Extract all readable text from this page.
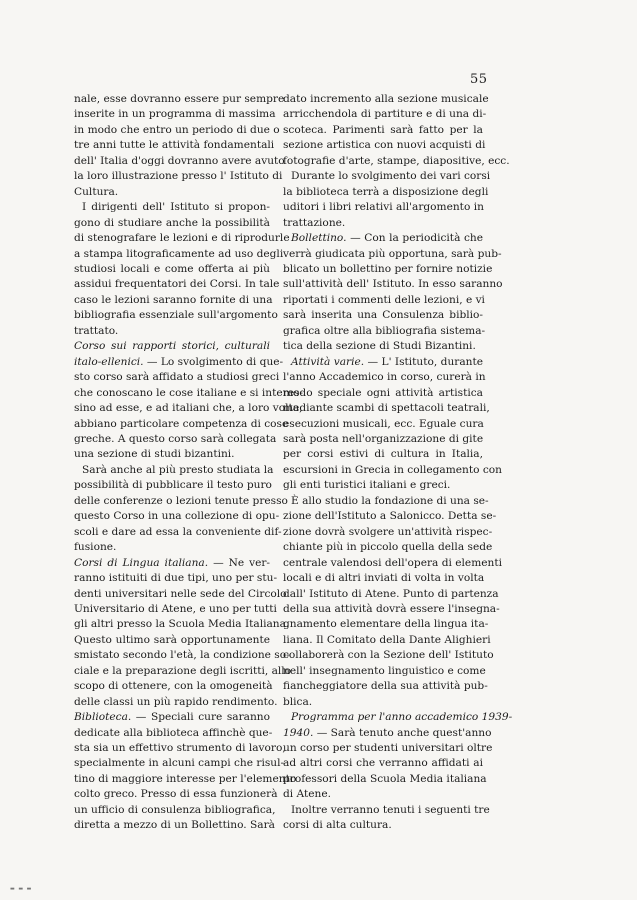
55
nale, esse dovranno essere pur sempre
inserite in un programma di massima
in modo che entro un periodo di due o
tre anni tutte le attività fondamentali
dell' Italia d'oggi dovranno avere avuto
la loro illustrazione presso l' Istituto di
Cultura.
I dirigenti dell' Istituto si propon-
gono di studiare anche la possibilità
di stenografare le lezioni e di riprodurle
a stampa litograficamente ad uso degli
studiosi locali e come offerta ai più
assidui frequentatori dei Corsi. In tale
caso le lezioni saranno fornite di una
bibliografia essenziale sull'argomento
trattato.
Corso sui rapporti storici, culturali
italo-ellenici. — Lo svolgimento di que-
sto corso sarà affidato a studiosi greci
che conoscano le cose italiane e si interes-
sino ad esse, e ad italiani che, a loro volta,
abbiano particolare competenza di cose
greche. A questo corso sarà collegata
una sezione di studi bizantini.
Sarà anche al più presto studiata la
possibilità di pubblicare il testo puro
delle conferenze o lezioni tenute presso
questo Corso in una collezione di opu-
scoli e dare ad essa la conveniente dif-
fusione.
Corsi di Lingua italiana. — Ne ver-
ranno istituiti di due tipi, uno per stu-
denti universitari nelle sede del Circolo
Universitario di Atene, e uno per tutti
gli altri presso la Scuola Media Italiana.
Questo ultimo sarà opportunamente
smistato secondo l'età, la condizione so-
ciale e la preparazione degli iscritti, allo
scopo di ottenere, con la omogeneità
delle classi un più rapido rendimento.
Biblioteca. — Speciali cure saranno
dedicate alla biblioteca affinchè que-
sta sia un effettivo strumento di lavoro,
specialmente in alcuni campi che risul-
tino di maggiore interesse per l'elemento
colto greco. Presso di essa funzionerà
un ufficio di consulenza bibliografica,
diretta a mezzo di un Bollettino. Sarà
dato incremento alla sezione musicale
arricchendola di partiture e di una di-
scoteca. Parimenti sarà fatto per la
sezione artistica con nuovi acquisti di
fotografie d'arte, stampe, diapositive, ecc.
Durante lo svolgimento dei vari corsi
la biblioteca terrà a disposizione degli
uditori i libri relativi all'argomento in
trattazione.
Bollettino. — Con la periodicità che
verrà giudicata più opportuna, sarà pub-
blicato un bollettino per fornire notizie
sull'attività dell' Istituto. In esso saranno
riportati i commenti delle lezioni, e vi
sarà inserita una Consulenza biblio-
grafica oltre alla bibliografia sistema-
tica della sezione di Studi Bizantini.
Attività varie. — L' Istituto, durante
l'anno Accademico in corso, curerà in
modo speciale ogni attività artistica
mediante scambi di spettacoli teatrali,
esecuzioni musicali, ecc. Eguale cura
sarà posta nell'organizzazione di gite
per corsi estivi di cultura in Italia,
escursioni in Grecia in collegamento con
gli enti turistici italiani e greci.
È allo studio la fondazione di una se-
zione dell'Istituto a Salonicco. Detta se-
zione dovrà svolgere un'attività rispec-
chiante più in piccolo quella della sede
centrale valendosi dell'opera di elementi
locali e di altri inviati di volta in volta
dall' Istituto di Atene. Punto di partenza
della sua attività dovrà essere l'insegna-
gnamento elementare della lingua ita-
liana. Il Comitato della Dante Alighieri
collaborerà con la Sezione dell' Istituto
nell' insegnamento linguistico e come
fiancheggiatore della sua attività pub-
blica.
Programma per l'anno accademico 1939-
1940. — Sarà tenuto anche quest'anno
un corso per studenti universitari oltre
ad altri corsi che verranno affidati ai
professori della Scuola Media italiana
di Atene.
Inoltre verranno tenuti i seguenti tre
corsi di alta cultura.
▬ ▬ ▬
